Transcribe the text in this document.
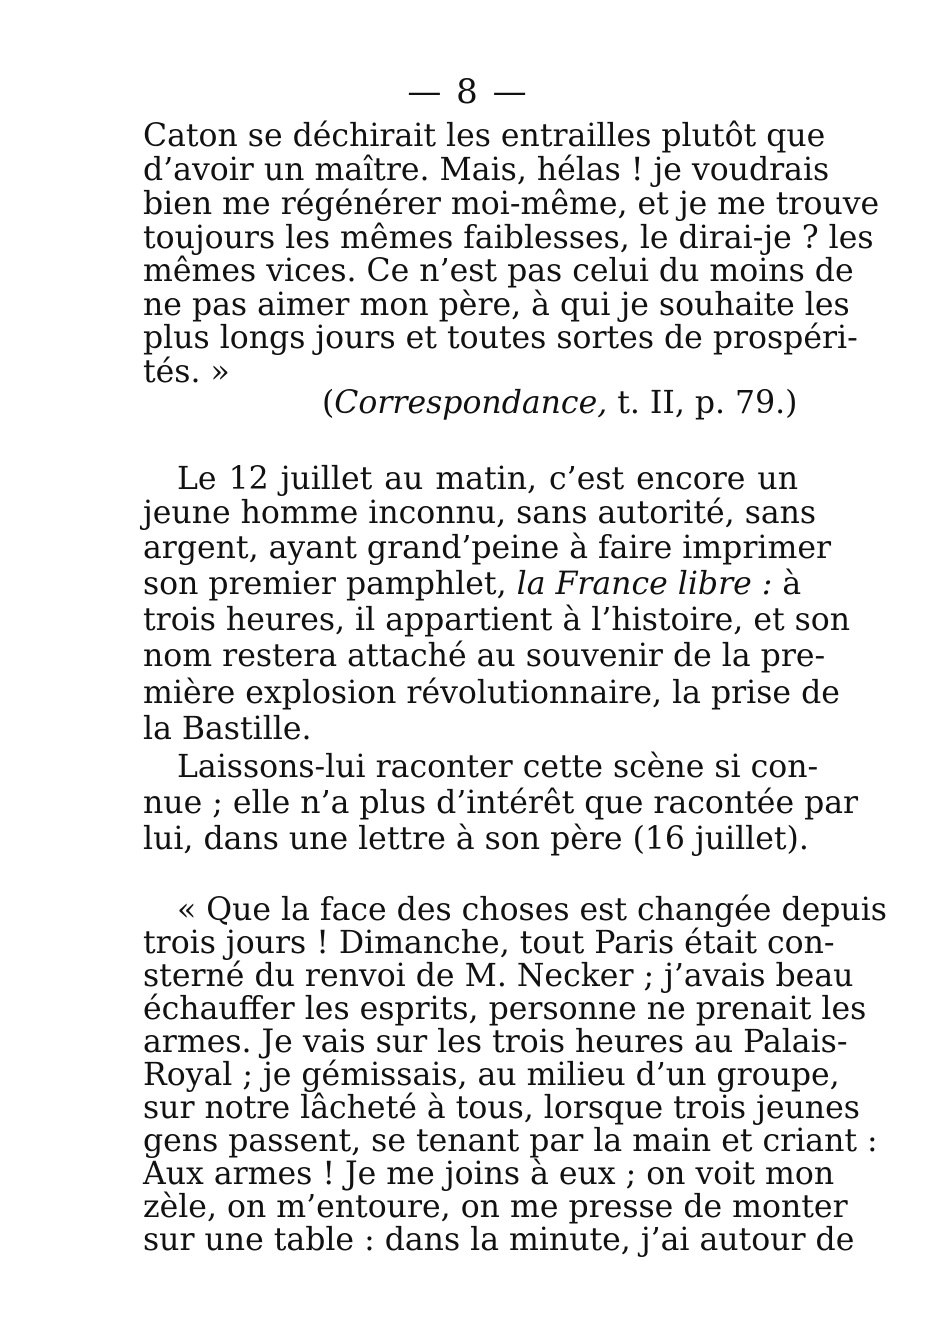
— 8 —
Caton se déchirait les entrailles plutôt que
d’avoir un maître. Mais, hélas ! je voudrais
bien me régénérer moi-même, et je me trouve
toujours les mêmes faiblesses, le dirai-je ? les
mêmes vices. Ce n’est pas celui du moins de
ne pas aimer mon père, à qui je souhaite les
plus longs jours et toutes sortes de prospéri-
tés. »
(Correspondance, t. II, p. 79.)
Le 12 juillet au matin, c’est encore un
jeune homme inconnu, sans autorité, sans
argent, ayant grand’peine à faire imprimer
son premier pamphlet, la France libre : à
trois heures, il appartient à l’histoire, et son
nom restera attaché au souvenir de la pre-
mière explosion révolutionnaire, la prise de
la Bastille.
Laissons-lui raconter cette scène si con-
nue ; elle n’a plus d’intérêt que racontée par
lui, dans une lettre à son père (16 juillet).
« Que la face des choses est changée depuis
trois jours ! Dimanche, tout Paris était con-
sterné du renvoi de M. Necker ; j’avais beau
échauffer les esprits, personne ne prenait les
armes. Je vais sur les trois heures au Palais-
Royal ; je gémissais, au milieu d’un groupe,
sur notre lâcheté à tous, lorsque trois jeunes
gens passent, se tenant par la main et criant :
Aux armes ! Je me joins à eux ; on voit mon
zèle, on m’entoure, on me presse de monter
sur une table : dans la minute, j’ai autour de
